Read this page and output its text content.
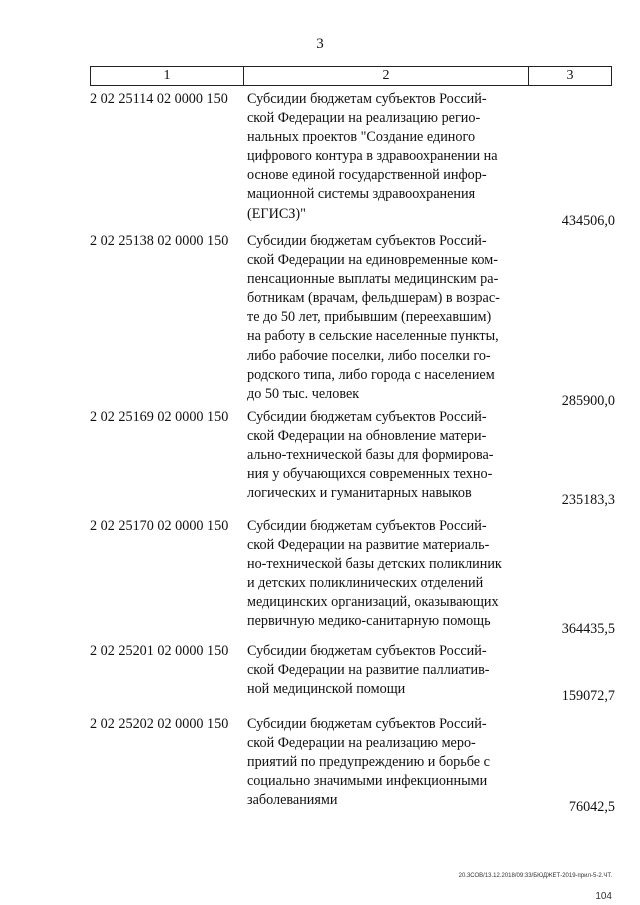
3
1	2	3
2 02 25114 02 0000 150 Субсидии бюджетам субъектов Россий-
ской Федерации на реализацию регио-
нальных проектов "Создание единого
цифрового контура в здравоохранении на
основе единой государственной инфор-
мационной системы здравоохранения
(ЕГИСЗ)"	434506,0
2 02 25138 02 0000 150 Субсидии бюджетам субъектов Россий-
ской Федерации на единовременные ком-
пенсационные выплаты медицинским ра-
ботникам (врачам, фельдшерам) в возрас-
те до 50 лет, прибывшим (переехавшим)
на работу в сельские населенные пункты,
либо рабочие поселки, либо поселки го-
родского типа, либо города с населением
до 50 тыс. человек	285900,0
2 02 25169 02 0000 150 Субсидии бюджетам субъектов Россий-
ской Федерации на обновление матери-
ально-технической базы для формирова-
ния у обучающихся современных техно-
логических и гуманитарных навыков	235183,3
2 02 25170 02 0000 150 Субсидии бюджетам субъектов Россий-
ской Федерации на развитие материаль-
но-технической базы детских поликлиник
и детских поликлинических отделений
медицинских организаций, оказывающих
первичную медико-санитарную помощь	364435,5
2 02 25201 02 0000 150 Субсидии бюджетам субъектов Россий-
ской Федерации на развитие паллиатив-
ной медицинской помощи	159072,7
2 02 25202 02 0000 150 Субсидии бюджетам субъектов Россий-
ской Федерации на реализацию меро-
приятий по предупреждению и борьбе с
социально значимыми инфекционными
заболеваниями	76042,5
20.3СОВ/13.12.2018/09:33/БЮДЖЕТ-2019-прил-5-2.ЧТ.
104
